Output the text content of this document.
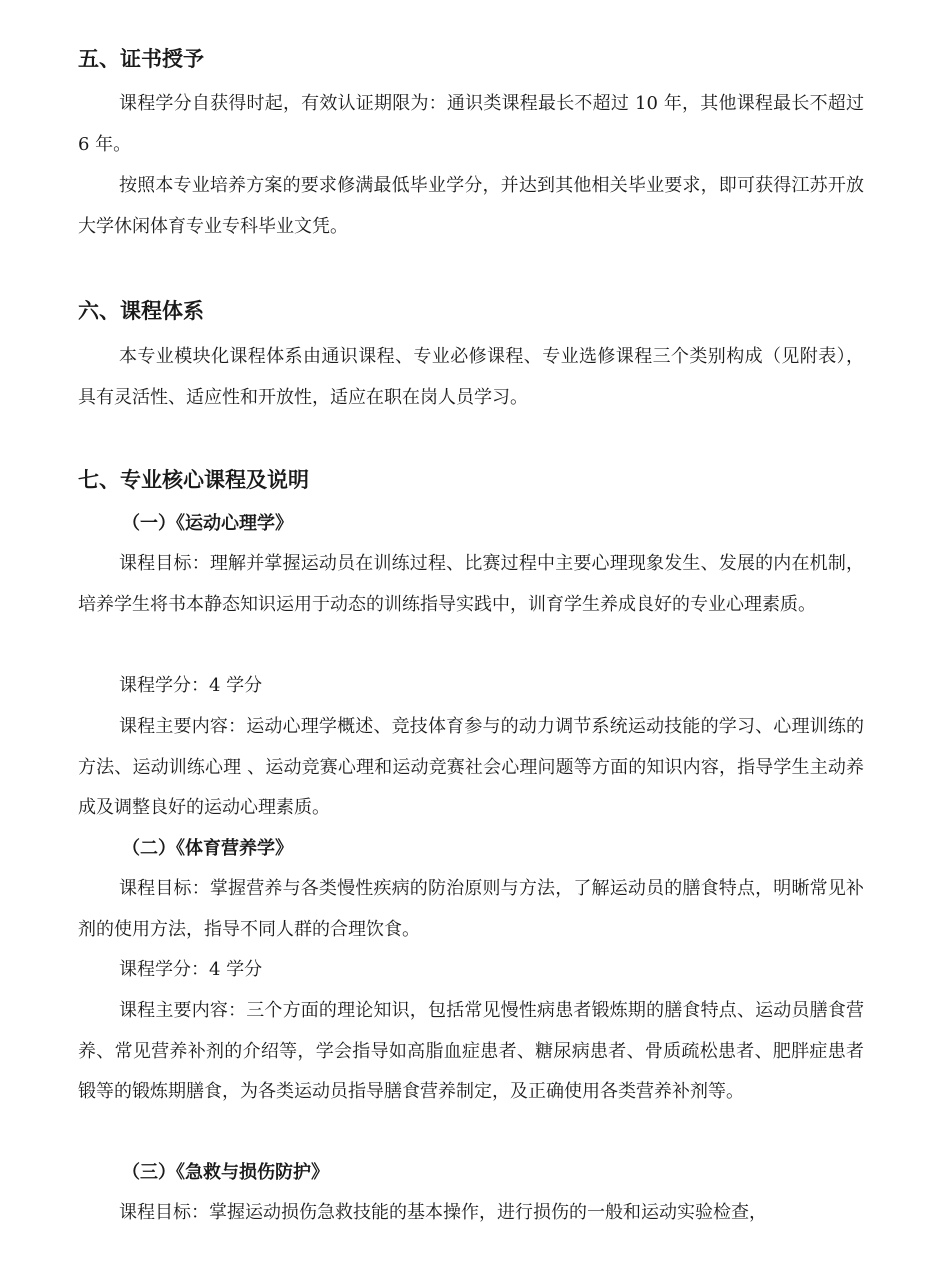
五、证书授予

课程学分自获得时起，有效认证期限为：通识类课程最长不超过 10 年，其他课程最长不超过 6 年。

按照本专业培养方案的要求修满最低毕业学分，并达到其他相关毕业要求，即可获得江苏开放大学休闲体育专业专科毕业文凭。

六、课程体系

本专业模块化课程体系由通识课程、专业必修课程、专业选修课程三个类别构成（见附表），具有灵活性、适应性和开放性，适应在职在岗人员学习。

七、专业核心课程及说明
（一）《运动心理学》

课程目标：理解并掌握运动员在训练过程、比赛过程中主要心理现象发生、发展的内在机制，培养学生将书本静态知识运用于动态的训练指导实践中，训育学生养成良好的专业心理素质。

课程学分：4 学分

课程主要内容：运动心理学概述、竞技体育参与的动力调节系统运动技能的学习、心理训练的方法、运动训练心理 、运动竞赛心理和运动竞赛社会心理问题等方面的知识内容，指导学生主动养成及调整良好的运动心理素质。

（二）《体育营养学》

课程目标：掌握营养与各类慢性疾病的防治原则与方法，了解运动员的膳食特点，明晰常见补剂的使用方法，指导不同人群的合理饮食。

课程学分：4 学分

课程主要内容：三个方面的理论知识，包括常见慢性病患者锻炼期的膳食特点、运动员膳食营养、常见营养补剂的介绍等，学会指导如高脂血症患者、糖尿病患者、骨质疏松患者、肥胖症患者锻等的锻炼期膳食，为各类运动员指导膳食营养制定，及正确使用各类营养补剂等。

（三）《急救与损伤防护》

课程目标：掌握运动损伤急救技能的基本操作，进行损伤的一般和运动实验检查，
